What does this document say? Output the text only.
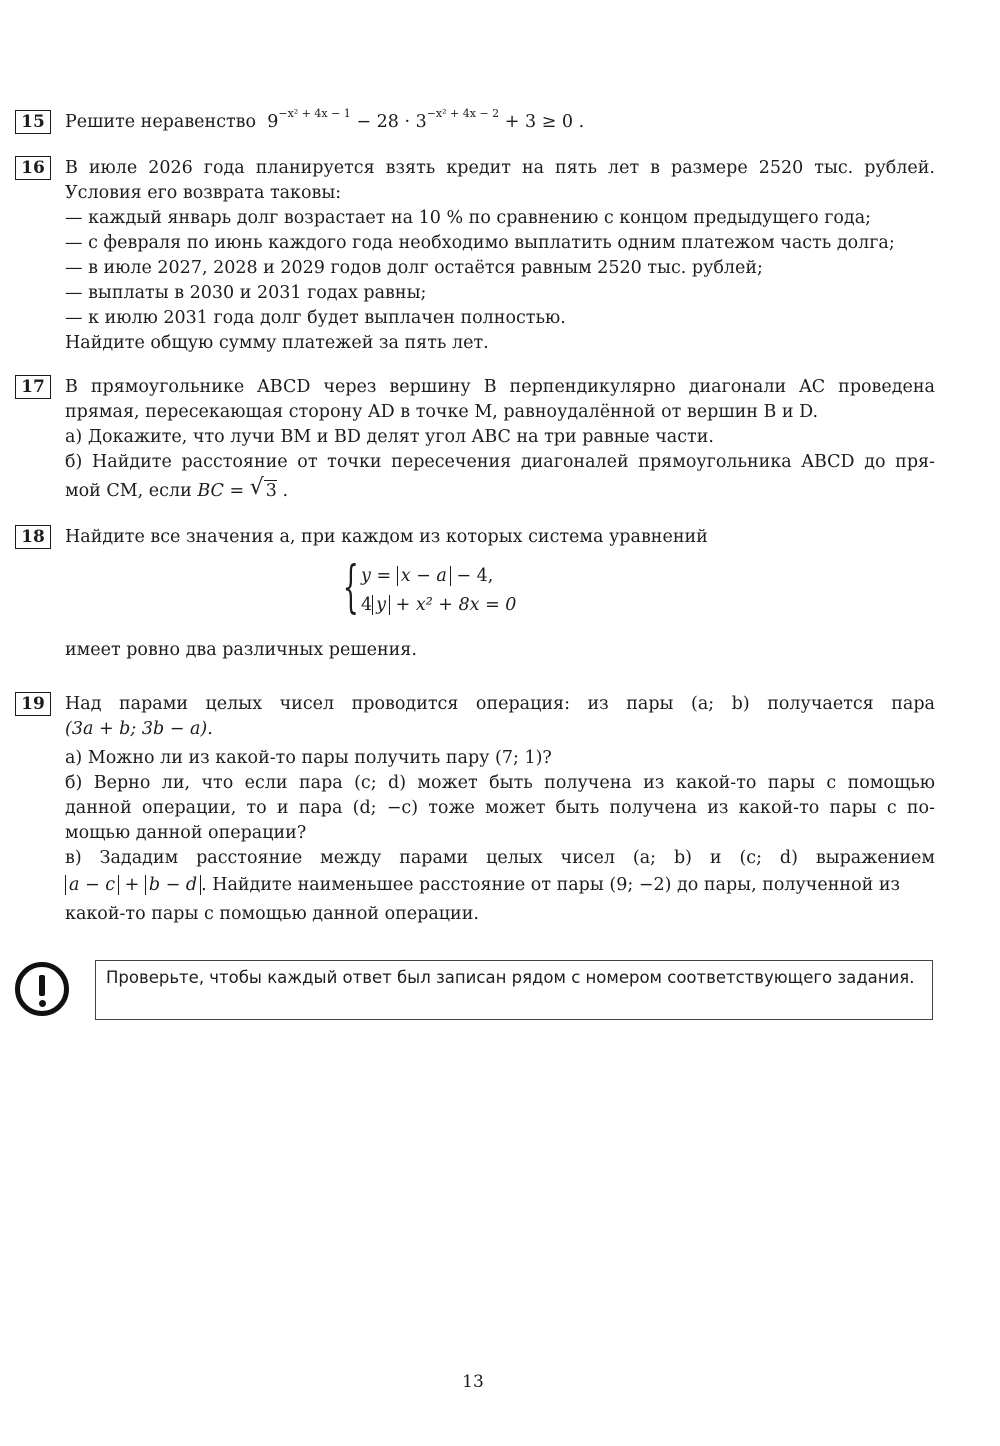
15	Решите неравенство $9^{-x^2 + 4x - 1} - 28 \cdot 3^{-x^2 + 4x - 2} + 3 \ge 0$ .
16	В июле 2026 года планируется взять кредит на пять лет в размере 2520 тыс. рублей.
Условия его возврата таковы:
— каждый январь долг возрастает на 10 % по сравнению с концом предыдущего года;
— с февраля по июнь каждого года необходимо выплатить одним платежом часть долга;
— в июле 2027, 2028 и 2029 годов долг остаётся равным 2520 тыс. рублей;
— выплаты в 2030 и 2031 годах равны;
— к июлю 2031 года долг будет выплачен полностью.
Найдите общую сумму платежей за пять лет.
17	В прямоугольнике ABCD через вершину B перпендикулярно диагонали AC проведена
прямая, пересекающая сторону AD в точке M, равноудалённой от вершин B и D.
а) Докажите, что лучи BM и BD делят угол ABC на три равные части.
б) Найдите расстояние от точки пересечения диагоналей прямоугольника ABCD до пря-
мой CM, если BC = √ 3 .
18	Найдите все значения a, при каждом из которых система уравнений
{ y = x − a − 4,
4 y + x² + 8x = 0
имеет ровно два различных решения.
19	Над парами целых чисел проводится операция: из пары (a; b) получается пара
(3a + b; 3b − a).
а) Можно ли из какой-то пары получить пару (7; 1)?
б) Верно ли, что если пара (c; d) может быть получена из какой-то пары с помощью
данной операции, то и пара (d; −c) тоже может быть получена из какой-то пары с по-
мощью данной операции?
в) Зададим расстояние между парами целых чисел (a; b) и (c; d) выражением
a − c + b − d . Найдите наименьшее расстояние от пары (9; −2) до пары, полученной из
какой-то пары с помощью данной операции.
Проверьте, чтобы каждый ответ был записан рядом с номером соответствующего задания.
13
